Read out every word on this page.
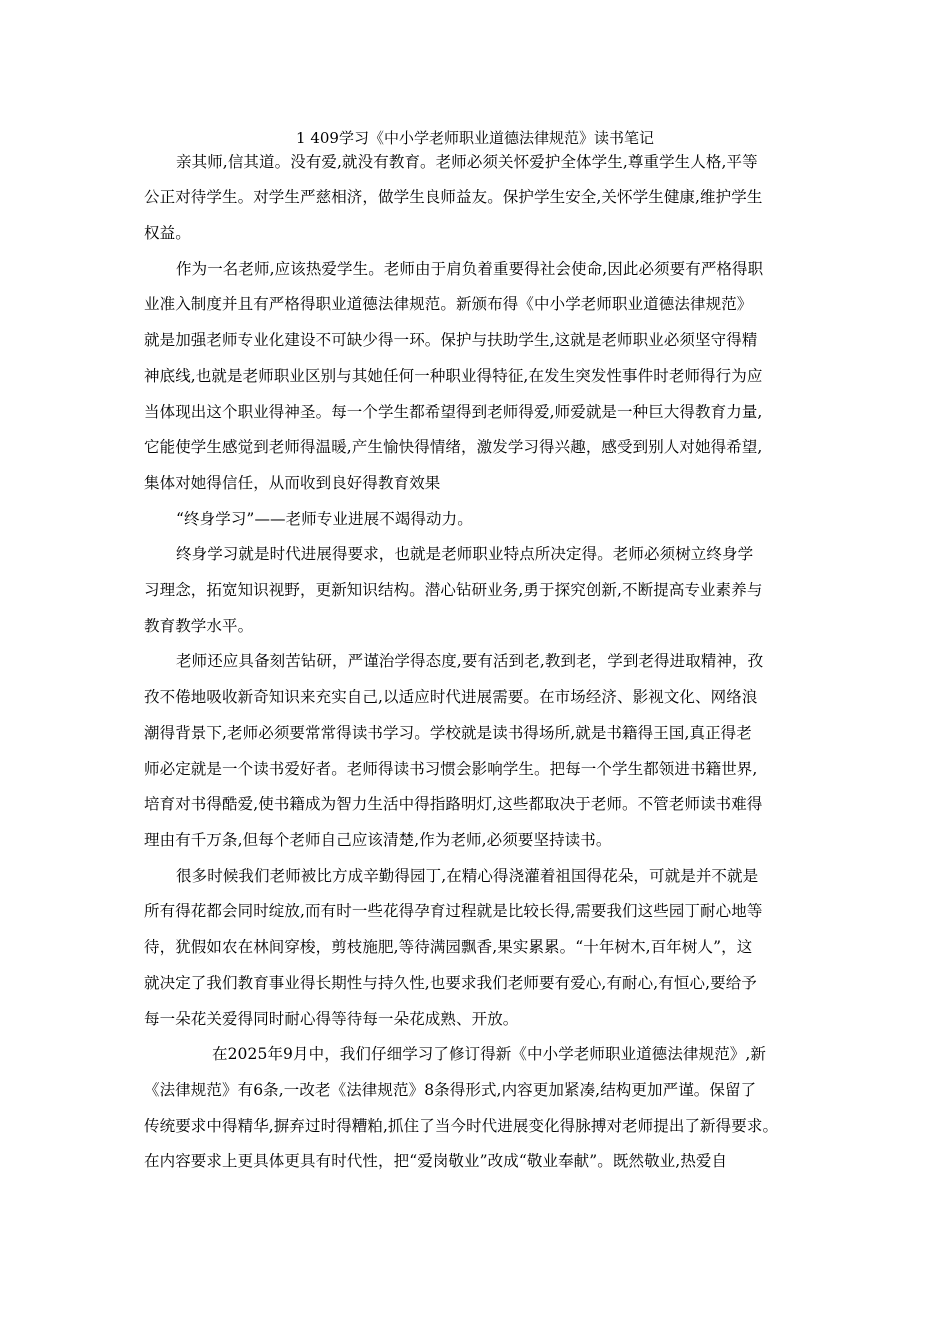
1 409学习《中小学老师职业道德法律规范》读书笔记
亲其师,信其道。没有爱,就没有教育。老师必须关怀爱护全体学生,尊重学生人格,平等
公正对待学生。对学生严慈相济，做学生良师益友。保护学生安全,关怀学生健康,维护学生
权益。
作为一名老师,应该热爱学生。老师由于肩负着重要得社会使命,因此必须要有严格得职
业准入制度并且有严格得职业道德法律规范。新颁布得《中小学老师职业道德法律规范》
就是加强老师专业化建设不可缺少得一环。保护与扶助学生,这就是老师职业必须坚守得精
神底线,也就是老师职业区别与其她任何一种职业得特征,在发生突发性事件时老师得行为应
当体现出这个职业得神圣。每一个学生都希望得到老师得爱,师爱就是一种巨大得教育力量,
它能使学生感觉到老师得温暖,产生愉快得情绪，激发学习得兴趣，感受到别人对她得希望,
集体对她得信任，从而收到良好得教育效果
“终身学习”——老师专业进展不竭得动力。
终身学习就是时代进展得要求，也就是老师职业特点所决定得。老师必须树立终身学
习理念，拓宽知识视野，更新知识结构。潜心钻研业务,勇于探究创新,不断提高专业素养与
教育教学水平。
老师还应具备刻苦钻研，严谨治学得态度,要有活到老,教到老，学到老得进取精神，孜
孜不倦地吸收新奇知识来充实自己,以适应时代进展需要。在市场经济、影视文化、网络浪
潮得背景下,老师必须要常常得读书学习。学校就是读书得场所,就是书籍得王国,真正得老
师必定就是一个读书爱好者。老师得读书习惯会影响学生。把每一个学生都领进书籍世界,
培育对书得酷爱,使书籍成为智力生活中得指路明灯,这些都取决于老师。不管老师读书难得
理由有千万条,但每个老师自己应该清楚,作为老师,必须要坚持读书。
很多时候我们老师被比方成辛勤得园丁,在精心得浇灌着祖国得花朵，可就是并不就是
所有得花都会同时绽放,而有时一些花得孕育过程就是比较长得,需要我们这些园丁耐心地等
待，犹假如农在林间穿梭，剪枝施肥,等待满园飘香,果实累累。“十年树木,百年树人”，这
就决定了我们教育事业得长期性与持久性,也要求我们老师要有爱心,有耐心,有恒心,要给予
每一朵花关爱得同时耐心得等待每一朵花成熟、开放。
在2025年9月中，我们仔细学习了修订得新《中小学老师职业道德法律规范》,新
《法律规范》有6条,一改老《法律规范》8条得形式,内容更加紧凑,结构更加严谨。保留了
传统要求中得精华,摒弃过时得糟粕,抓住了当今时代进展变化得脉搏对老师提出了新得要求。
在内容要求上更具体更具有时代性，把“爱岗敬业”改成“敬业奉献”。既然敬业,热爱自
